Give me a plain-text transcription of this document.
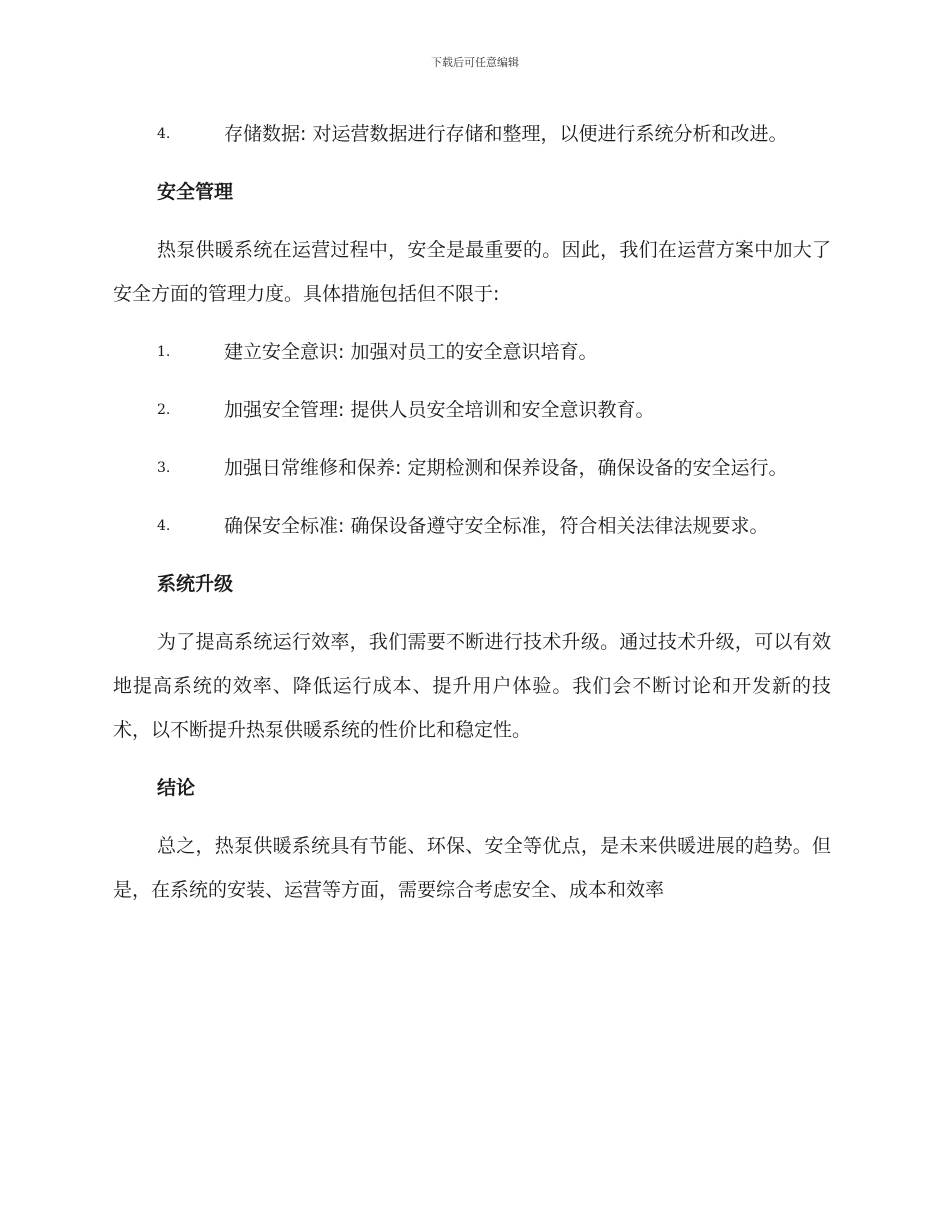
下载后可任意编辑
4.	存储数据: 对运营数据进行存储和整理，以便进行系统分析和改进。
安全管理
热泵供暖系统在运营过程中，安全是最重要的。因此，我们在运营方案中加大了安全方面的管理力度。具体措施包括但不限于:
1.	建立安全意识: 加强对员工的安全意识培育。
2.	加强安全管理: 提供人员安全培训和安全意识教育。
3.	加强日常维修和保养: 定期检测和保养设备，确保设备的安全运行。
4.	确保安全标准: 确保设备遵守安全标准，符合相关法律法规要求。
系统升级
为了提高系统运行效率，我们需要不断进行技术升级。通过技术升级，可以有效地提高系统的效率、降低运行成本、提升用户体验。我们会不断讨论和开发新的技术，以不断提升热泵供暖系统的性价比和稳定性。
结论
总之，热泵供暖系统具有节能、环保、安全等优点，是未来供暖进展的趋势。但是，在系统的安装、运营等方面，需要综合考虑安全、成本和效率
